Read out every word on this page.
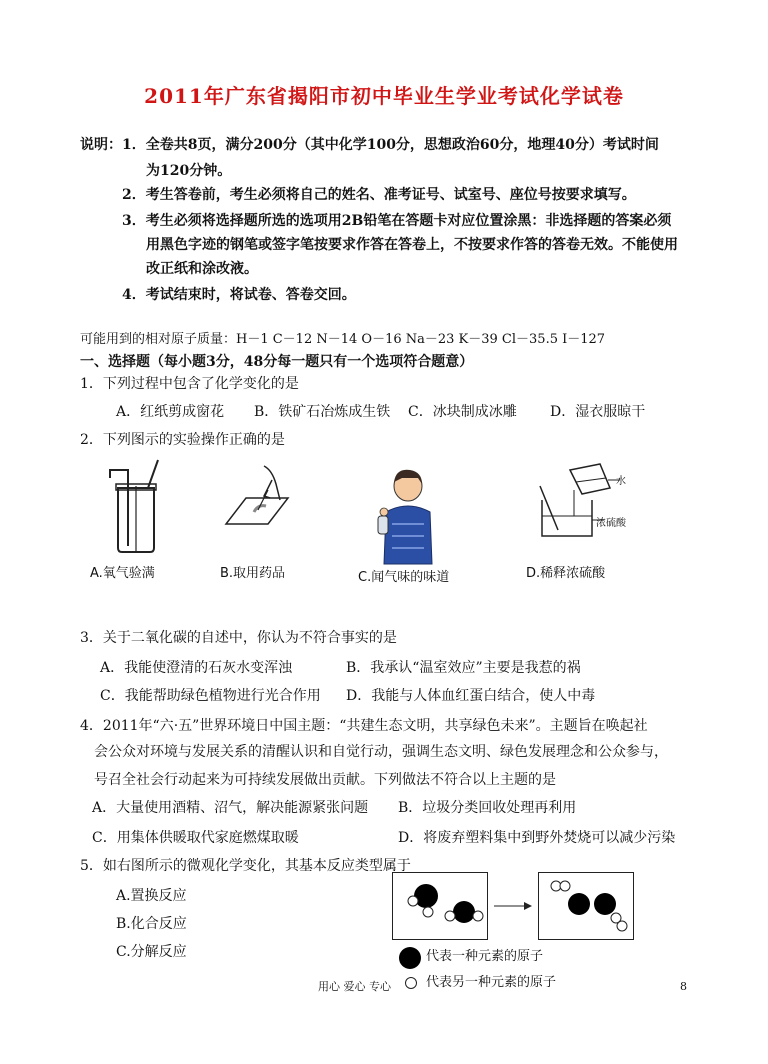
2011年广东省揭阳市初中毕业生学业考试化学试卷
说明： 1．全卷共8页，满分200分（其中化学100分，思想政治60分，地理40分）考试时间
为120分钟。
2．考生答卷前，考生必须将自己的姓名、准考证号、试室号、座位号按要求填写。
3．考生必须将选择题所选的选项用2B铅笔在答题卡对应位置涂黑：非选择题的答案必须
用黑色字迹的钢笔或签字笔按要求作答在答卷上，不按要求作答的答卷无效。不能使用
改正纸和涂改液。
4．考试结束时，将试卷、答卷交回。
可能用到的相对原子质量：H－1 C－12 N－14 O－16 Na－23 K－39 Cl－35.5 I－127
一、选择题（每小题3分，48分每一题只有一个选项符合题意）
1．下列过程中包含了化学变化的是
A．红纸剪成窗花 B．铁矿石冶炼成生铁 C．冰块制成冰雕 D．湿衣服晾干
2．下列图示的实验操作正确的是
水
浓硫酸
A.氧气验满	B.取用药品	C.闻气味的味道	D.稀释浓硫酸
3．关于二氧化碳的自述中，你认为不符合事实的是
A．我能使澄清的石灰水变浑浊	B．我承认“温室效应”主要是我惹的祸
C．我能帮助绿色植物进行光合作用 D．我能与人体血红蛋白结合，使人中毒
4．2011年“六·五”世界环境日中国主题：“共建生态文明，共享绿色未来”。主题旨在唤起社
会公众对环境与发展关系的清醒认识和自觉行动，强调生态文明、绿色发展理念和公众参与，
号召全社会行动起来为可持续发展做出贡献。下列做法不符合以上主题的是
A．大量使用酒精、沼气，解决能源紧张问题 B．垃圾分类回收处理再利用
C．用集体供暖取代家庭燃煤取暖	D．将废弃塑料集中到野外焚烧可以减少污染
5．如右图所示的微观化学变化，其基本反应类型属于
A.置换反应
B.化合反应
C.分解反应	代表一种元素的原子
代表另一种元素的原子
用心 爱心 专心	8
